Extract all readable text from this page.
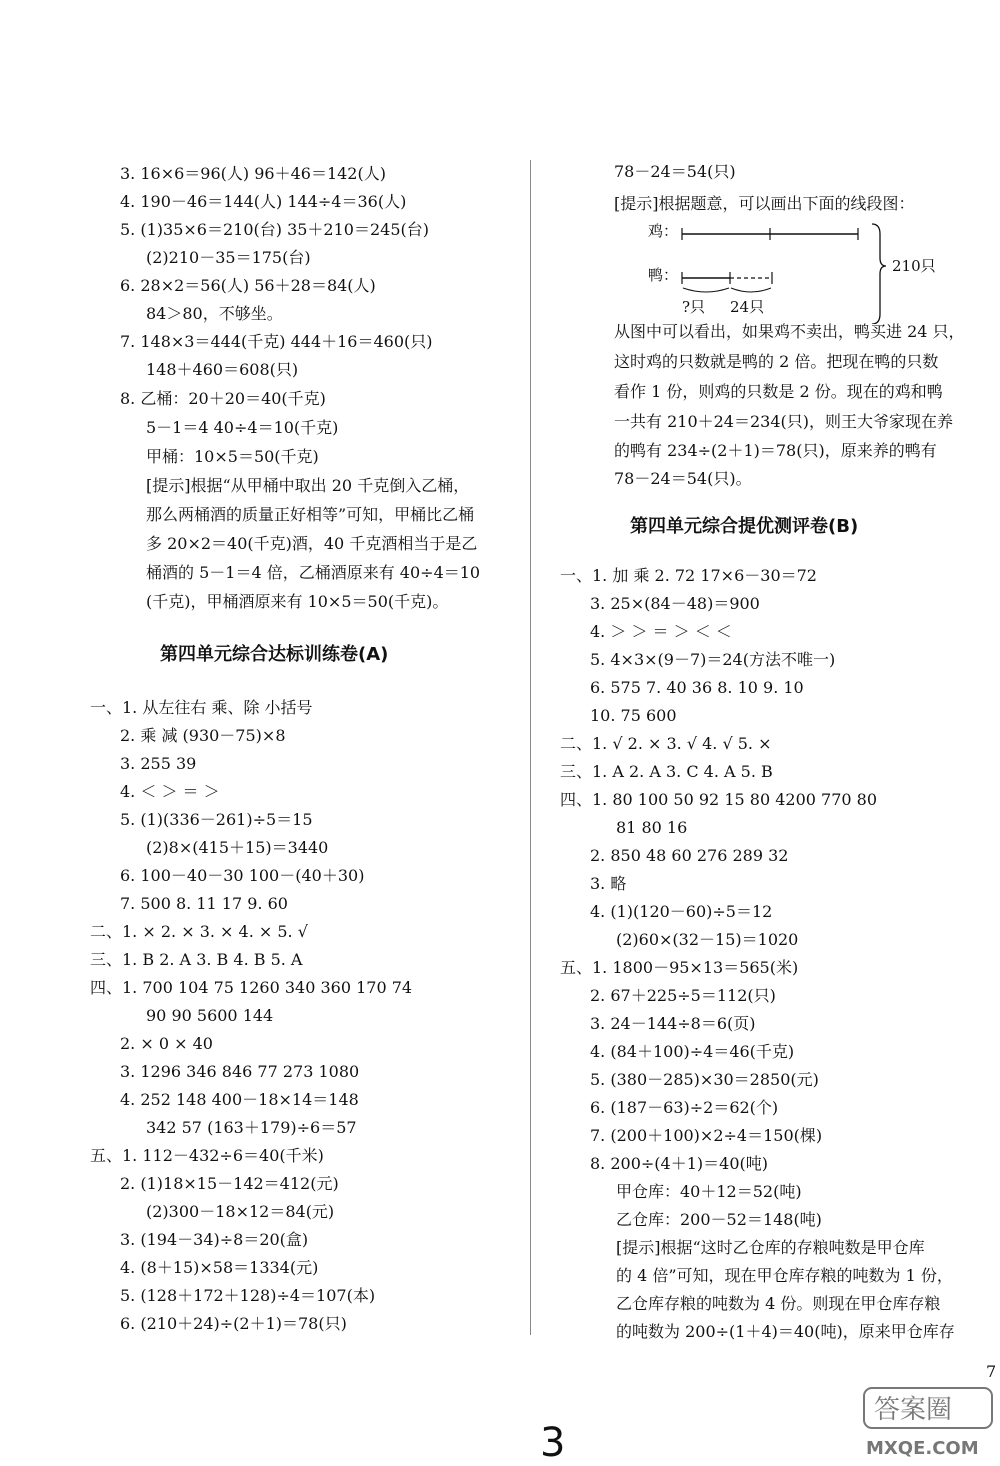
3. 16×6＝96(人) 96＋46＝142(人)
4. 190－46＝144(人) 144÷4＝36(人)
5. (1)35×6＝210(台) 35＋210＝245(台)
(2)210－35＝175(台)
6. 28×2＝56(人) 56＋28＝84(人)
84＞80，不够坐。
7. 148×3＝444(千克) 444＋16＝460(只)
148＋460＝608(只)
8. 乙桶：20＋20＝40(千克)
5－1＝4 40÷4＝10(千克)
甲桶：10×5＝50(千克)
[提示]根据“从甲桶中取出 20 千克倒入乙桶，
那么两桶酒的质量正好相等”可知，甲桶比乙桶
多 20×2＝40(千克)酒，40 千克酒相当于是乙
桶酒的 5－1＝4 倍，乙桶酒原来有 40÷4＝10
(千克)，甲桶酒原来有 10×5＝50(千克)。
第四单元综合达标训练卷(A)
一、1. 从左往右 乘、除 小括号
2. 乘 减 (930－75)×8
3. 255 39
4. ＜ ＞ ＝ ＞
5. (1)(336－261)÷5＝15
(2)8×(415＋15)＝3440
6. 100－40－30 100－(40＋30)
7. 500 8. 11 17 9. 60
二、1. × 2. × 3. × 4. × 5. √
三、1. B 2. A 3. B 4. B 5. A
四、1. 700 104 75 1260 340 360 170 74
90 90 5600 144
2. × 0 × 40
3. 1296 346 846 77 273 1080
4. 252 148 400－18×14＝148
342 57 (163＋179)÷6＝57
五、1. 112－432÷6＝40(千米)
2. (1)18×15－142＝412(元)
(2)300－18×12＝84(元)
3. (194－34)÷8＝20(盒)
4. (8＋15)×58＝1334(元)
5. (128＋172＋128)÷4＝107(本)
6. (210＋24)÷(2＋1)＝78(只)
78－24＝54(只)
[提示]根据题意，可以画出下面的线段图：
鸡：
鸭：
?只 24只
210只
从图中可以看出，如果鸡不卖出，鸭买进 24 只，
这时鸡的只数就是鸭的 2 倍。把现在鸭的只数
看作 1 份，则鸡的只数是 2 份。现在的鸡和鸭
一共有 210＋24＝234(只)，则王大爷家现在养
的鸭有 234÷(2＋1)＝78(只)，原来养的鸭有
78－24＝54(只)。
第四单元综合提优测评卷(B)
一、1. 加 乘 2. 72 17×6－30＝72
3. 25×(84－48)＝900
4. ＞ ＞ ＝ ＞ ＜ ＜
5. 4×3×(9－7)＝24(方法不唯一)
6. 575 7. 40 36 8. 10 9. 10
10. 75 600
二、1. √ 2. × 3. √ 4. √ 5. ×
三、1. A 2. A 3. C 4. A 5. B
四、1. 80 100 50 92 15 80 4200 770 80
81 80 16
2. 850 48 60 276 289 32
3. 略
4. (1)(120－60)÷5＝12
(2)60×(32－15)＝1020
五、1. 1800－95×13＝565(米)
2. 67＋225÷5＝112(只)
3. 24－144÷8＝6(页)
4. (84＋100)÷4＝46(千克)
5. (380－285)×30＝2850(元)
6. (187－63)÷2＝62(个)
7. (200＋100)×2÷4＝150(棵)
8. 200÷(4＋1)＝40(吨)
甲仓库：40＋12＝52(吨)
乙仓库：200－52＝148(吨)
[提示]根据“这时乙仓库的存粮吨数是甲仓库
的 4 倍”可知，现在甲仓库存粮的吨数为 1 份，
乙仓库存粮的吨数为 4 份。则现在甲仓库存粮
的吨数为 200÷(1＋4)＝40(吨)，原来甲仓库存
7
3
答案圈
MXQE.COM
